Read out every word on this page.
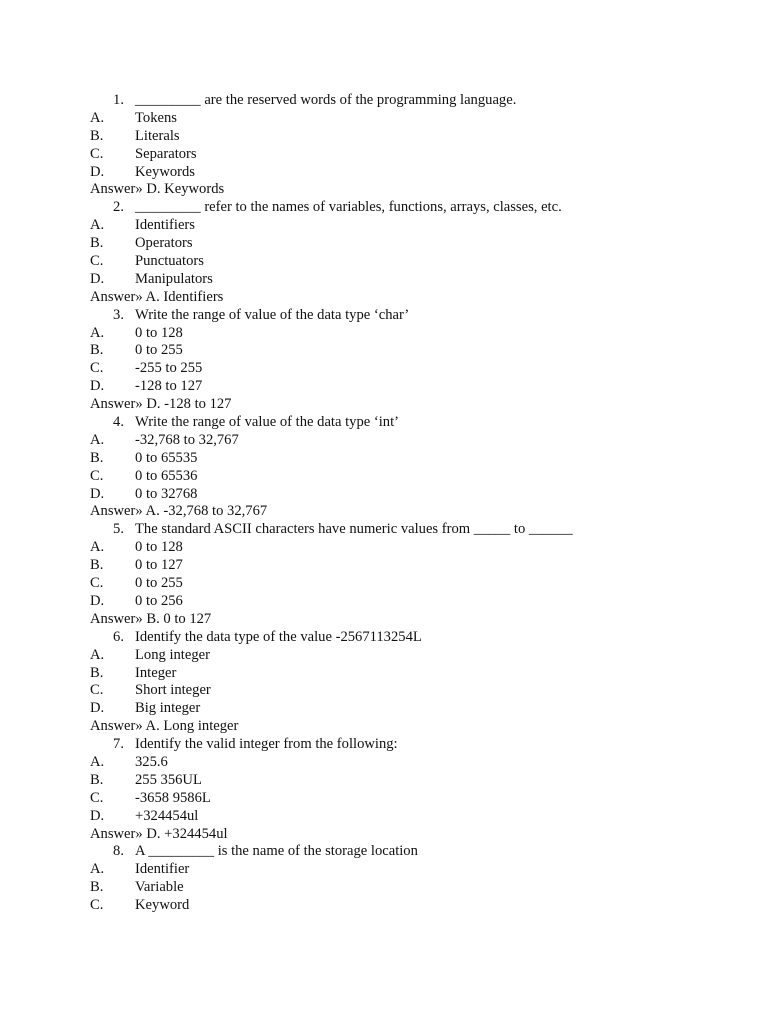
1. _________ are the reserved words of the programming language.
A. Tokens
B. Literals
C. Separators
D. Keywords
Answer» D. Keywords
2. _________ refer to the names of variables, functions, arrays, classes, etc.
A. Identifiers
B. Operators
C. Punctuators
D. Manipulators
Answer» A. Identifiers
3. Write the range of value of the data type ‘char’
A. 0 to 128
B. 0 to 255
C. -255 to 255
D. -128 to 127
Answer» D. -128 to 127
4. Write the range of value of the data type ‘int’
A. -32,768 to 32,767
B. 0 to 65535
C. 0 to 65536
D. 0 to 32768
Answer» A. -32,768 to 32,767
5. The standard ASCII characters have numeric values from _____ to ______
A. 0 to 128
B. 0 to 127
C. 0 to 255
D. 0 to 256
Answer» B. 0 to 127
6. Identify the data type of the value -2567113254L
A. Long integer
B. Integer
C. Short integer
D. Big integer
Answer» A. Long integer
7. Identify the valid integer from the following:
A. 325.6
B. 255 356UL
C. -3658 9586L
D. +324454ul
Answer» D. +324454ul
8. A _________ is the name of the storage location
A. Identifier
B. Variable
C. Keyword
